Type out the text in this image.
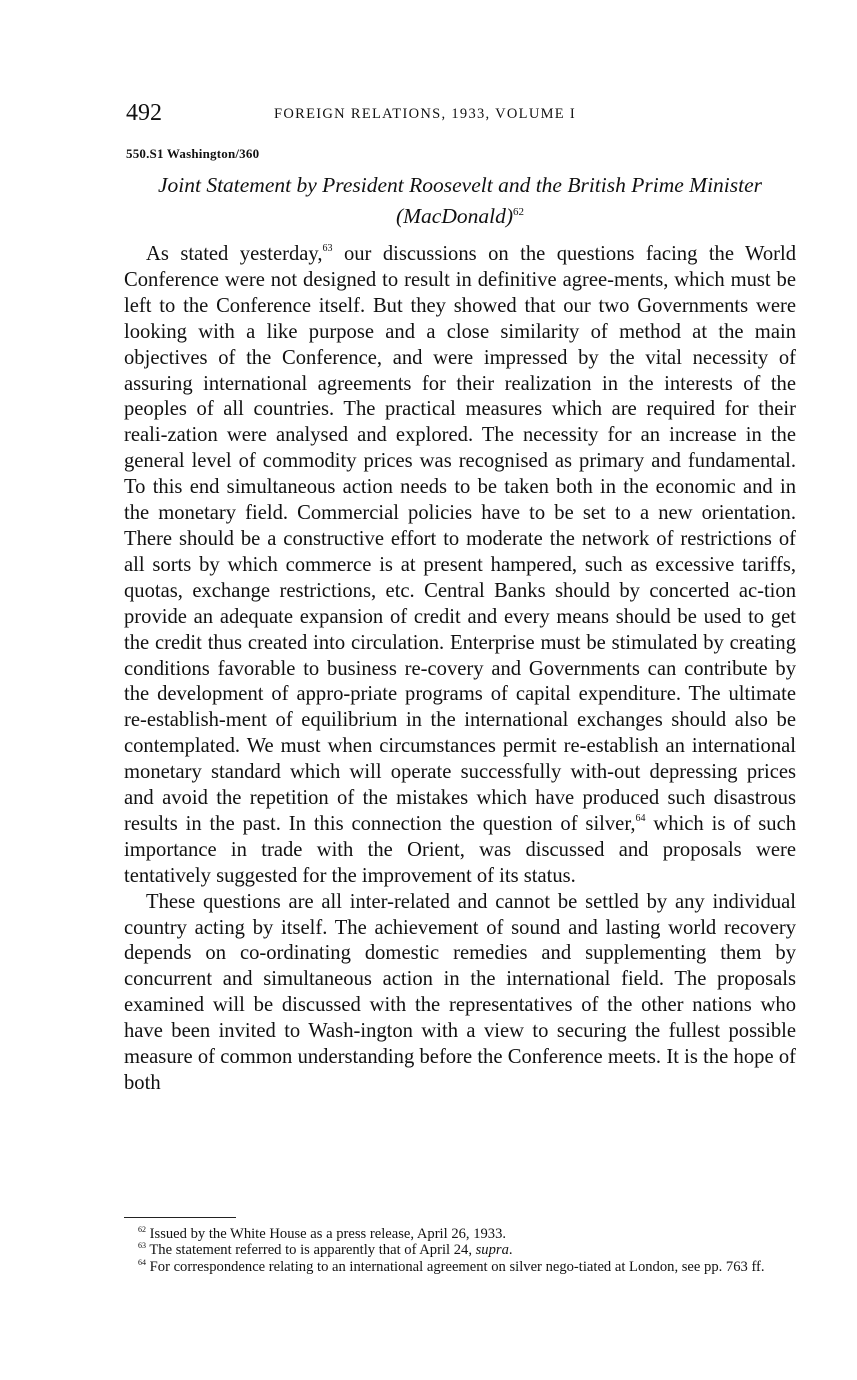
492	FOREIGN RELATIONS, 1933, VOLUME I
550.S1 Washington/360
Joint Statement by President Roosevelt and the British Prime Minister (MacDonald)$^{62}$

As stated yesterday,$^{63}$ our discussions on the questions facing the World Conference were not designed to result in definitive agree-ments, which must be left to the Conference itself. But they showed that our two Governments were looking with a like purpose and a close similarity of method at the main objectives of the Conference, and were impressed by the vital necessity of assuring international agreements for their realization in the interests of the peoples of all countries. The practical measures which are required for their reali-zation were analysed and explored. The necessity for an increase in the general level of commodity prices was recognised as primary and fundamental. To this end simultaneous action needs to be taken both in the economic and in the monetary field. Commercial policies have to be set to a new orientation. There should be a constructive effort to moderate the network of restrictions of all sorts by which commerce is at present hampered, such as excessive tariffs, quotas, exchange restrictions, etc. Central Banks should by concerted ac-tion provide an adequate expansion of credit and every means should be used to get the credit thus created into circulation. Enterprise must be stimulated by creating conditions favorable to business re-covery and Governments can contribute by the development of appro-priate programs of capital expenditure. The ultimate re-establish-ment of equilibrium in the international exchanges should also be contemplated. We must when circumstances permit re-establish an international monetary standard which will operate successfully with-out depressing prices and avoid the repetition of the mistakes which have produced such disastrous results in the past. In this connection the question of silver,$^{64}$ which is of such importance in trade with the Orient, was discussed and proposals were tentatively suggested for the improvement of its status.

These questions are all inter-related and cannot be settled by any individual country acting by itself. The achievement of sound and lasting world recovery depends on co-ordinating domestic remedies and supplementing them by concurrent and simultaneous action in the international field. The proposals examined will be discussed with the representatives of the other nations who have been invited to Wash-ington with a view to securing the fullest possible measure of common understanding before the Conference meets. It is the hope of both

$^{62}$ Issued by the White House as a press release, April 26, 1933.

$^{63}$ The statement referred to is apparently that of April 24, supra.

$^{64}$ For correspondence relating to an international agreement on silver nego-tiated at London, see pp. 763 ff.
